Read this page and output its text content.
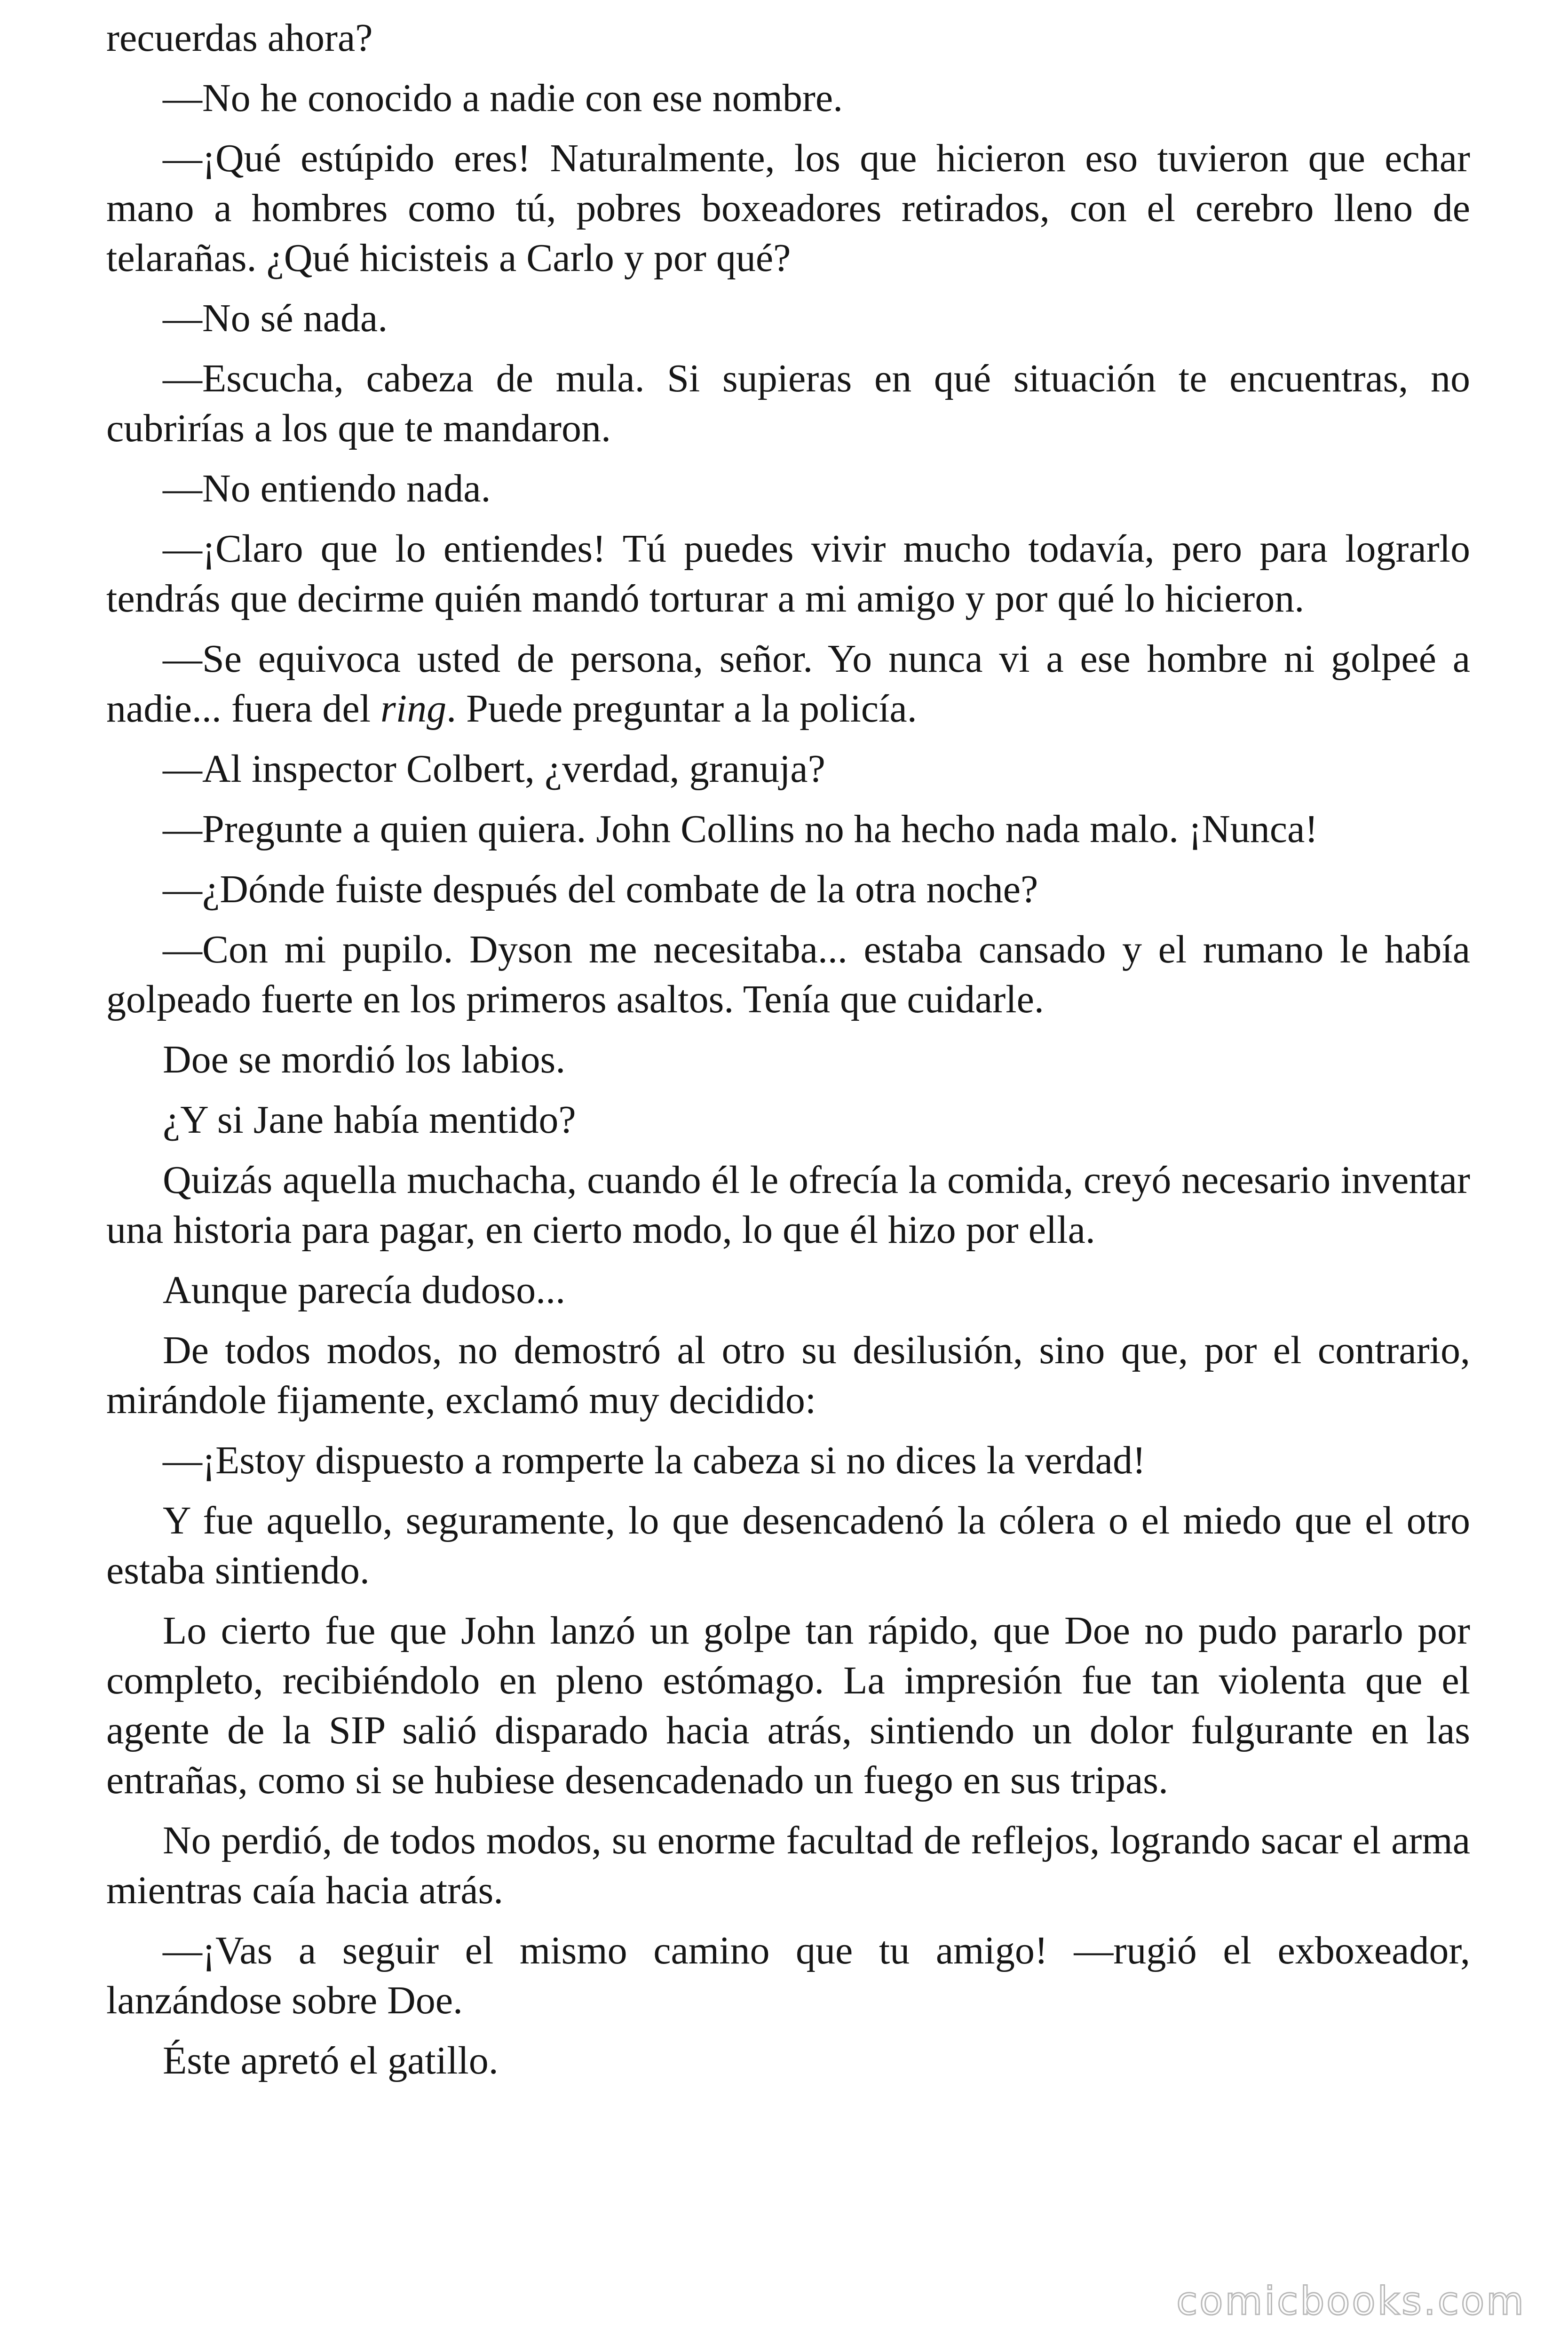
recuerdas ahora?

—No he conocido a nadie con ese nombre.

—¡Qué estúpido eres! Naturalmente, los que hicieron eso tuvieron que echar mano a hombres como tú, pobres boxeadores retirados, con el cerebro lleno de telarañas. ¿Qué hicisteis a Carlo y por qué?

—No sé nada.

—Escucha, cabeza de mula. Si supieras en qué situación te encuentras, no cubrirías a los que te mandaron.

—No entiendo nada.

—¡Claro que lo entiendes! Tú puedes vivir mucho todavía, pero para lograrlo tendrás que decirme quién mandó torturar a mi amigo y por qué lo hicieron.

—Se equivoca usted de persona, señor. Yo nunca vi a ese hombre ni golpeé a nadie... fuera del ring. Puede preguntar a la policía.

—Al inspector Colbert, ¿verdad, granuja?

—Pregunte a quien quiera. John Collins no ha hecho nada malo. ¡Nunca!

—¿Dónde fuiste después del combate de la otra noche?

—Con mi pupilo. Dyson me necesitaba... estaba cansado y el rumano le había golpeado fuerte en los primeros asaltos. Tenía que cuidarle.

Doe se mordió los labios.

¿Y si Jane había mentido?

Quizás aquella muchacha, cuando él le ofrecía la comida, creyó necesario inventar una historia para pagar, en cierto modo, lo que él hizo por ella.

Aunque parecía dudoso...

De todos modos, no demostró al otro su desilusión, sino que, por el contrario, mirándole fijamente, exclamó muy decidido:

—¡Estoy dispuesto a romperte la cabeza si no dices la verdad!

Y fue aquello, seguramente, lo que desencadenó la cólera o el miedo que el otro estaba sintiendo.

Lo cierto fue que John lanzó un golpe tan rápido, que Doe no pudo pararlo por completo, recibiéndolo en pleno estómago. La impresión fue tan violenta que el agente de la SIP salió disparado hacia atrás, sintiendo un dolor fulgurante en las entrañas, como si se hubiese desencadenado un fuego en sus tripas.

No perdió, de todos modos, su enorme facultad de reflejos, logrando sacar el arma mientras caía hacia atrás.

—¡Vas a seguir el mismo camino que tu amigo! —rugió el exboxeador, lanzándose sobre Doe.

Éste apretó el gatillo.

comicbooks.com
